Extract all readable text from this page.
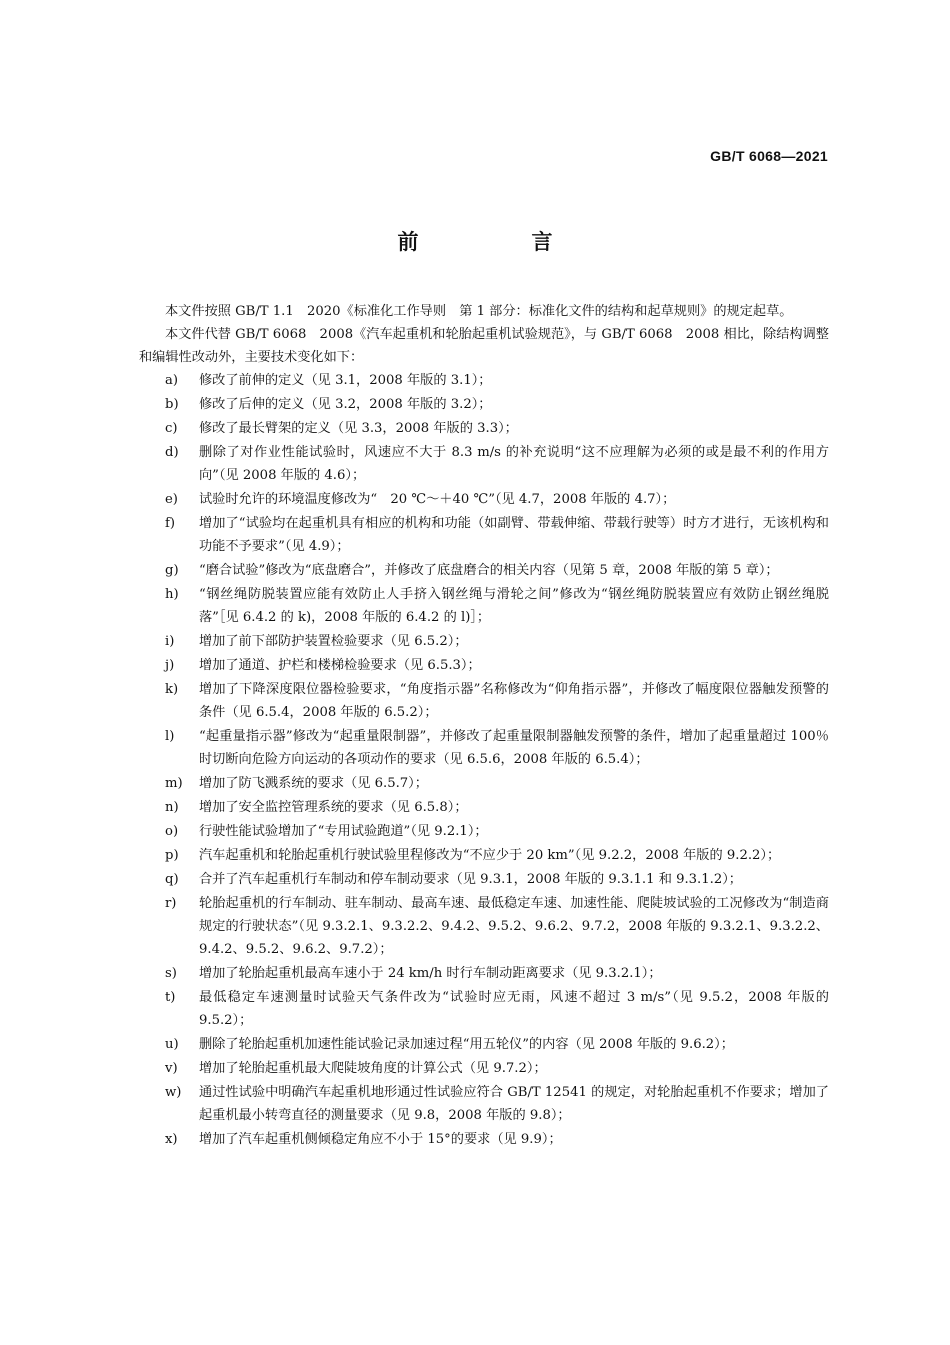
GB/T 6068—2021
前　言

本文件按照 GB/T 1.1　2020《标准化工作导则　第 1 部分：标准化文件的结构和起草规则》的规定起草。

本文件代替 GB/T 6068　2008《汽车起重机和轮胎起重机试验规范》，与 GB/T 6068　2008 相比，除结构调整和编辑性改动外，主要技术变化如下：

a) 修改了前伸的定义（见 3.1，2008 年版的 3.1）；
b) 修改了后伸的定义（见 3.2，2008 年版的 3.2）；
c) 修改了最长臂架的定义（见 3.3，2008 年版的 3.3）；
d) 删除了对作业性能试验时，风速应不大于 8.3 m/s 的补充说明“这不应理解为必须的或是最不利的作用方向”（见 2008 年版的 4.6）；
e) 试验时允许的环境温度修改为“　20 ℃～＋40 ℃”（见 4.7，2008 年版的 4.7）；
f) 增加了“试验均在起重机具有相应的机构和功能（如副臂、带载伸缩、带载行驶等）时方才进行，无该机构和功能不予要求”（见 4.9）；
g) “磨合试验”修改为“底盘磨合”，并修改了底盘磨合的相关内容（见第 5 章，2008 年版的第 5 章）；
h) “钢丝绳防脱装置应能有效防止人手挤入钢丝绳与滑轮之间”修改为“钢丝绳防脱装置应有效防止钢丝绳脱落”［见 6.4.2 的 k)，2008 年版的 6.4.2 的 l)］；
i) 增加了前下部防护装置检验要求（见 6.5.2）；
j) 增加了通道、护栏和楼梯检验要求（见 6.5.3）；
k) 增加了下降深度限位器检验要求，“角度指示器”名称修改为“仰角指示器”，并修改了幅度限位器触发预警的条件（见 6.5.4，2008 年版的 6.5.2）；
l) “起重量指示器”修改为“起重量限制器”，并修改了起重量限制器触发预警的条件，增加了起重量超过 100％时切断向危险方向运动的各项动作的要求（见 6.5.6，2008 年版的 6.5.4）；
m) 增加了防飞溅系统的要求（见 6.5.7）；
n) 增加了安全监控管理系统的要求（见 6.5.8）；
o) 行驶性能试验增加了“专用试验跑道”（见 9.2.1）；
p) 汽车起重机和轮胎起重机行驶试验里程修改为“不应少于 20 km”（见 9.2.2，2008 年版的 9.2.2）；
q) 合并了汽车起重机行车制动和停车制动要求（见 9.3.1，2008 年版的 9.3.1.1 和 9.3.1.2）；
r) 轮胎起重机的行车制动、驻车制动、最高车速、最低稳定车速、加速性能、爬陡坡试验的工况修改为“制造商规定的行驶状态”（见 9.3.2.1、9.3.2.2、9.4.2、9.5.2、9.6.2、9.7.2，2008 年版的 9.3.2.1、9.3.2.2、9.4.2、9.5.2、9.6.2、9.7.2）；
s) 增加了轮胎起重机最高车速小于 24 km/h 时行车制动距离要求（见 9.3.2.1）；
t) 最低稳定车速测量时试验天气条件改为“试验时应无雨，风速不超过 3 m/s”（见 9.5.2，2008 年版的 9.5.2）；
u) 删除了轮胎起重机加速性能试验记录加速过程“用五轮仪”的内容（见 2008 年版的 9.6.2）；
v) 增加了轮胎起重机最大爬陡坡角度的计算公式（见 9.7.2）；
w) 通过性试验中明确汽车起重机地形通过性试验应符合 GB/T 12541 的规定，对轮胎起重机不作要求；增加了起重机最小转弯直径的测量要求（见 9.8，2008 年版的 9.8）；
x) 增加了汽车起重机侧倾稳定角应不小于 15°的要求（见 9.9）；
